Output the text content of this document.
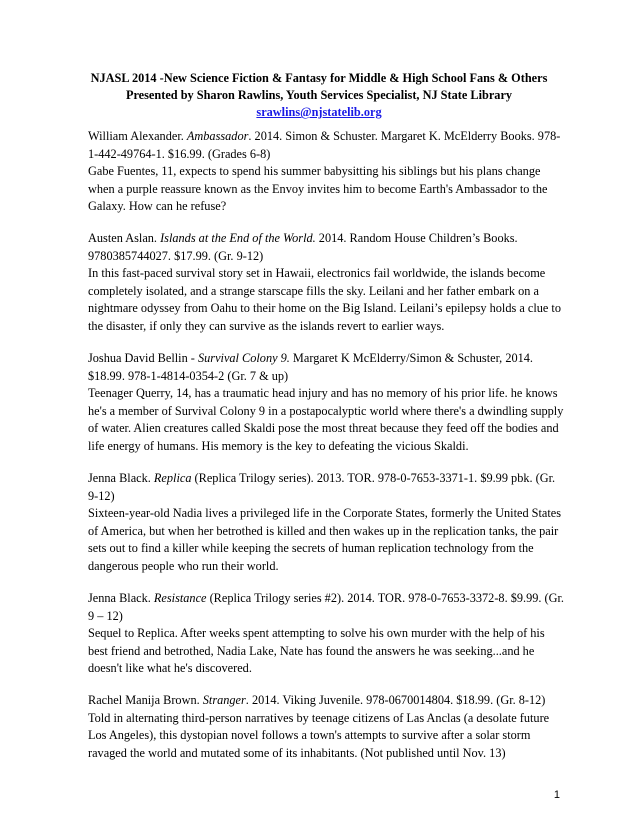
NJASL 2014 -New Science Fiction & Fantasy for Middle & High School Fans & Others
Presented by Sharon Rawlins, Youth Services Specialist, NJ State Library
srawlins@njstatelib.org
William Alexander. Ambassador. 2014. Simon & Schuster. Margaret K. McElderry Books. 978-
1-442-49764-1. $16.99. (Grades 6-8)
Gabe Fuentes, 11, expects to spend his summer babysitting his siblings but his plans change
when a purple reassure known as the Envoy invites him to become Earth's Ambassador to the
Galaxy. How can he refuse?
Austen Aslan. Islands at the End of the World. 2014. Random House Children’s Books.
9780385744027. $17.99. (Gr. 9-12)
In this fast-paced survival story set in Hawaii, electronics fail worldwide, the islands become
completely isolated, and a strange starscape fills the sky. Leilani and her father embark on a
nightmare odyssey from Oahu to their home on the Big Island. Leilani’s epilepsy holds a clue to
the disaster, if only they can survive as the islands revert to earlier ways.
Joshua David Bellin - Survival Colony 9. Margaret K McElderry/Simon & Schuster, 2014.
$18.99. 978-1-4814-0354-2 (Gr. 7 & up)
Teenager Querry, 14, has a traumatic head injury and has no memory of his prior life. he knows
he's a member of Survival Colony 9 in a postapocalyptic world where there's a dwindling supply
of water. Alien creatures called Skaldi pose the most threat because they feed off the bodies and
life energy of humans. His memory is the key to defeating the vicious Skaldi.
Jenna Black. Replica (Replica Trilogy series). 2013. TOR. 978-0-7653-3371-1. $9.99 pbk. (Gr.
9-12)
Sixteen-year-old Nadia lives a privileged life in the Corporate States, formerly the United States
of America, but when her betrothed is killed and then wakes up in the replication tanks, the pair
sets out to find a killer while keeping the secrets of human replication technology from the
dangerous people who run their world.
Jenna Black. Resistance (Replica Trilogy series #2). 2014. TOR. 978-0-7653-3372-8. $9.99. (Gr.
9 – 12)
Sequel to Replica. After weeks spent attempting to solve his own murder with the help of his
best friend and betrothed, Nadia Lake, Nate has found the answers he was seeking...and he
doesn't like what he's discovered.
Rachel Manija Brown. Stranger. 2014. Viking Juvenile. 978-0670014804. $18.99. (Gr. 8-12)
Told in alternating third-person narratives by teenage citizens of Las Anclas (a desolate future
Los Angeles), this dystopian novel follows a town's attempts to survive after a solar storm
ravaged the world and mutated some of its inhabitants. (Not published until Nov. 13)
1
